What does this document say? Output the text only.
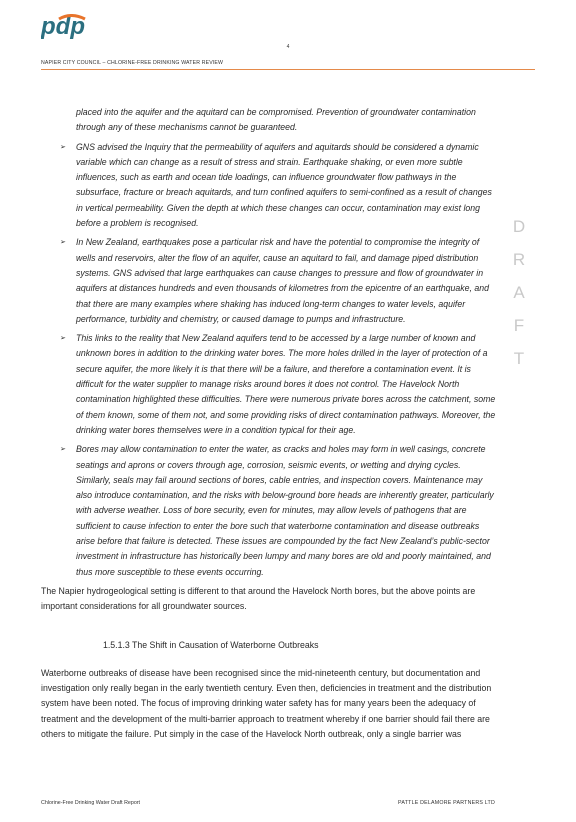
pdp
4
NAPIER CITY COUNCIL – CHLORINE-FREE DRINKING WATER REVIEW
D
R
A
F
T

placed into the aquifer and the aquitard can be compromised. Prevention of groundwater contamination through any of these mechanisms cannot be guaranteed.

➢ GNS advised the Inquiry that the permeability of aquifers and aquitards should be considered a dynamic variable which can change as a result of stress and strain. Earthquake shaking, or even more subtle influences, such as earth and ocean tide loadings, can influence groundwater flow pathways in the subsurface, fracture or breach aquitards, and turn confined aquifers to semi-confined as a result of changes in vertical permeability. Given the depth at which these changes can occur, contamination may exist long before a problem is recognised.

➢ In New Zealand, earthquakes pose a particular risk and have the potential to compromise the integrity of wells and reservoirs, alter the flow of an aquifer, cause an aquitard to fail, and damage piped distribution systems. GNS advised that large earthquakes can cause changes to pressure and flow of groundwater in aquifers at distances hundreds and even thousands of kilometres from the epicentre of an earthquake, and that there are many examples where shaking has induced long-term changes to water levels, aquifer performance, turbidity and chemistry, or caused damage to pumps and infrastructure.

➢ This links to the reality that New Zealand aquifers tend to be accessed by a large number of known and unknown bores in addition to the drinking water bores. The more holes drilled in the layer of protection of a secure aquifer, the more likely it is that there will be a failure, and therefore a contamination event. It is difficult for the water supplier to manage risks around bores it does not control. The Havelock North contamination highlighted these difficulties. There were numerous private bores across the catchment, some of them known, some of them not, and some providing risks of direct contamination pathways. Moreover, the drinking water bores themselves were in a condition typical for their age.

➢ Bores may allow contamination to enter the water, as cracks and holes may form in well casings, concrete seatings and aprons or covers through age, corrosion, seismic events, or wetting and drying cycles. Similarly, seals may fail around sections of bores, cable entries, and inspection covers. Maintenance may also introduce contamination, and the risks with below-ground bore heads are inherently greater, particularly with adverse weather. Loss of bore security, even for minutes, may allow levels of pathogens that are sufficient to cause infection to enter the bore such that waterborne contamination and disease outbreaks arise before that failure is detected. These issues are compounded by the fact New Zealand’s public-sector investment in infrastructure has historically been lumpy and many bores are old and poorly maintained, and thus more susceptible to these events occurring.

The Napier hydrogeological setting is different to that around the Havelock North bores, but the above points are important considerations for all groundwater sources.

1.5.1.3 The Shift in Causation of Waterborne Outbreaks

Waterborne outbreaks of disease have been recognised since the mid-nineteenth century, but documentation and investigation only really began in the early twentieth century. Even then, deficiencies in treatment and the distribution system have been noted. The focus of improving drinking water safety has for many years been the adequacy of treatment and the development of the multi-barrier approach to treatment whereby if one barrier should fail there are others to mitigate the failure. Put simply in the case of the Havelock North outbreak, only a single barrier was

Chlorine-Free Drinking Water Draft Report	PATTLE DELAMORE PARTNERS LTD
